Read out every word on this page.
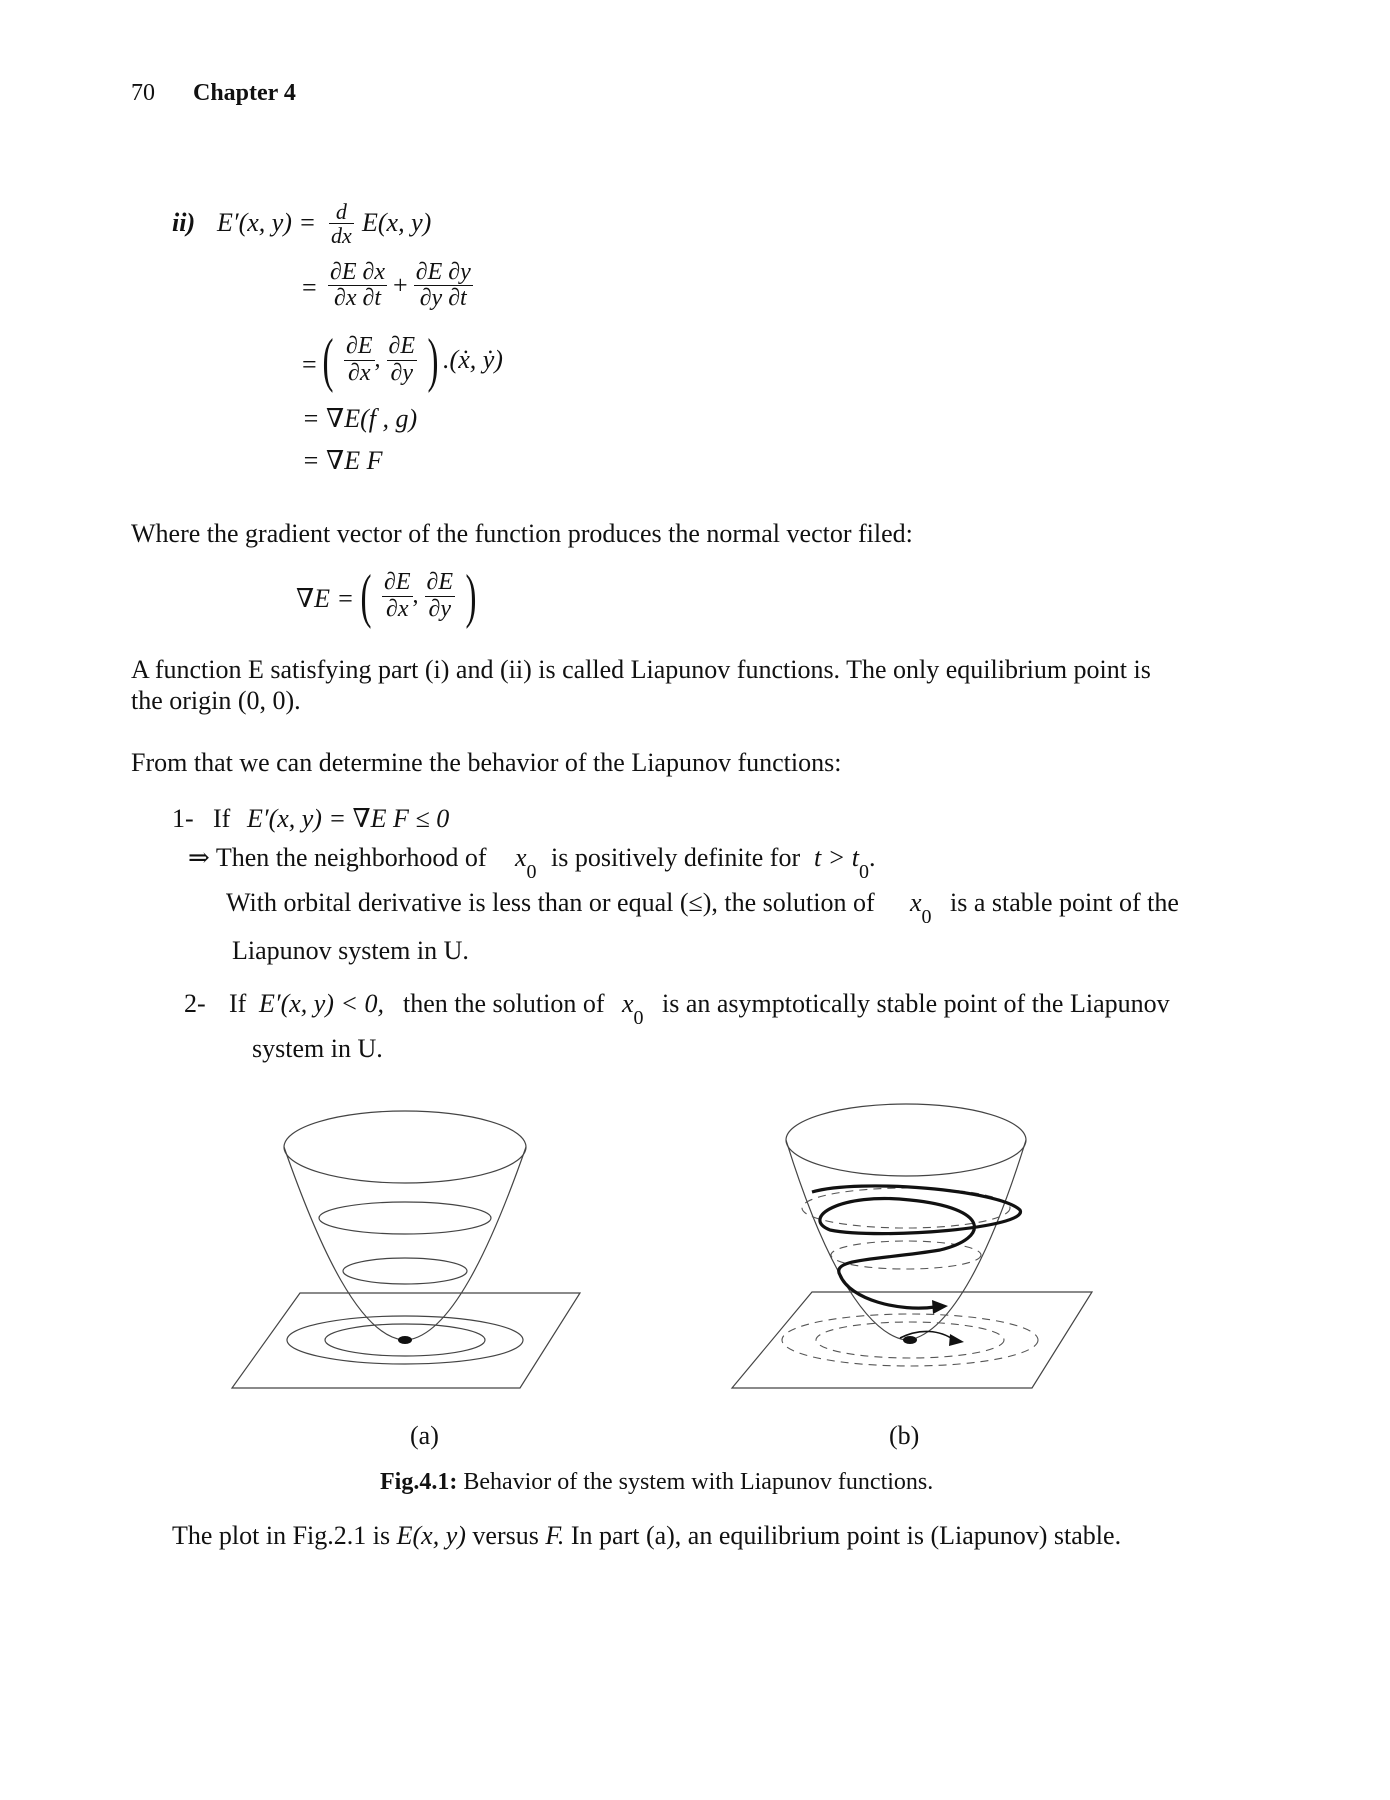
70 Chapter 4
ii) E′(x, $y) = \frac{d}{dx} E(x$, y)
= $\frac{\partial E \partial x}{\partial x \partial t} + \frac{\partial E \partial y}{\partial y \partial t}$
= ( $\frac{\partial E}{\partial x}$ , $\frac{\partial E}{\partial y}$ ) .(ẋ, ẏ)
= ∇E(f , g)
= ∇E F
Where the gradient vector of the function produces the normal vector filed:
∇E = ( $\frac{\partial E}{\partial x}$ , $\frac{\partial E}{\partial y}$ )
A function E satisfying part (i) and (ii) is called Liapunov functions. The only equilibrium point is
the origin (0, 0).
From that we can determine the behavior of the Liapunov functions:
1- If E′(x, y) = ∇E F ≤ 0
⇒ Then the neighborhood of $x_0$ is positively definite for $t > t_0$.
With orbital derivative is less than or equal (≤), the solution of $x_0$ is a stable point of the
Liapunov system in U.
2- If E′(x, y) < 0, then the solution of $x_0$ is an asymptotically stable point of the Liapunov
system in U.
(a)	(b)
Fig.4.1: Behavior of the system with Liapunov functions.
The plot in Fig.2.1 is E(x, y) versus F. In part (a), an equilibrium point is (Liapunov) stable.
